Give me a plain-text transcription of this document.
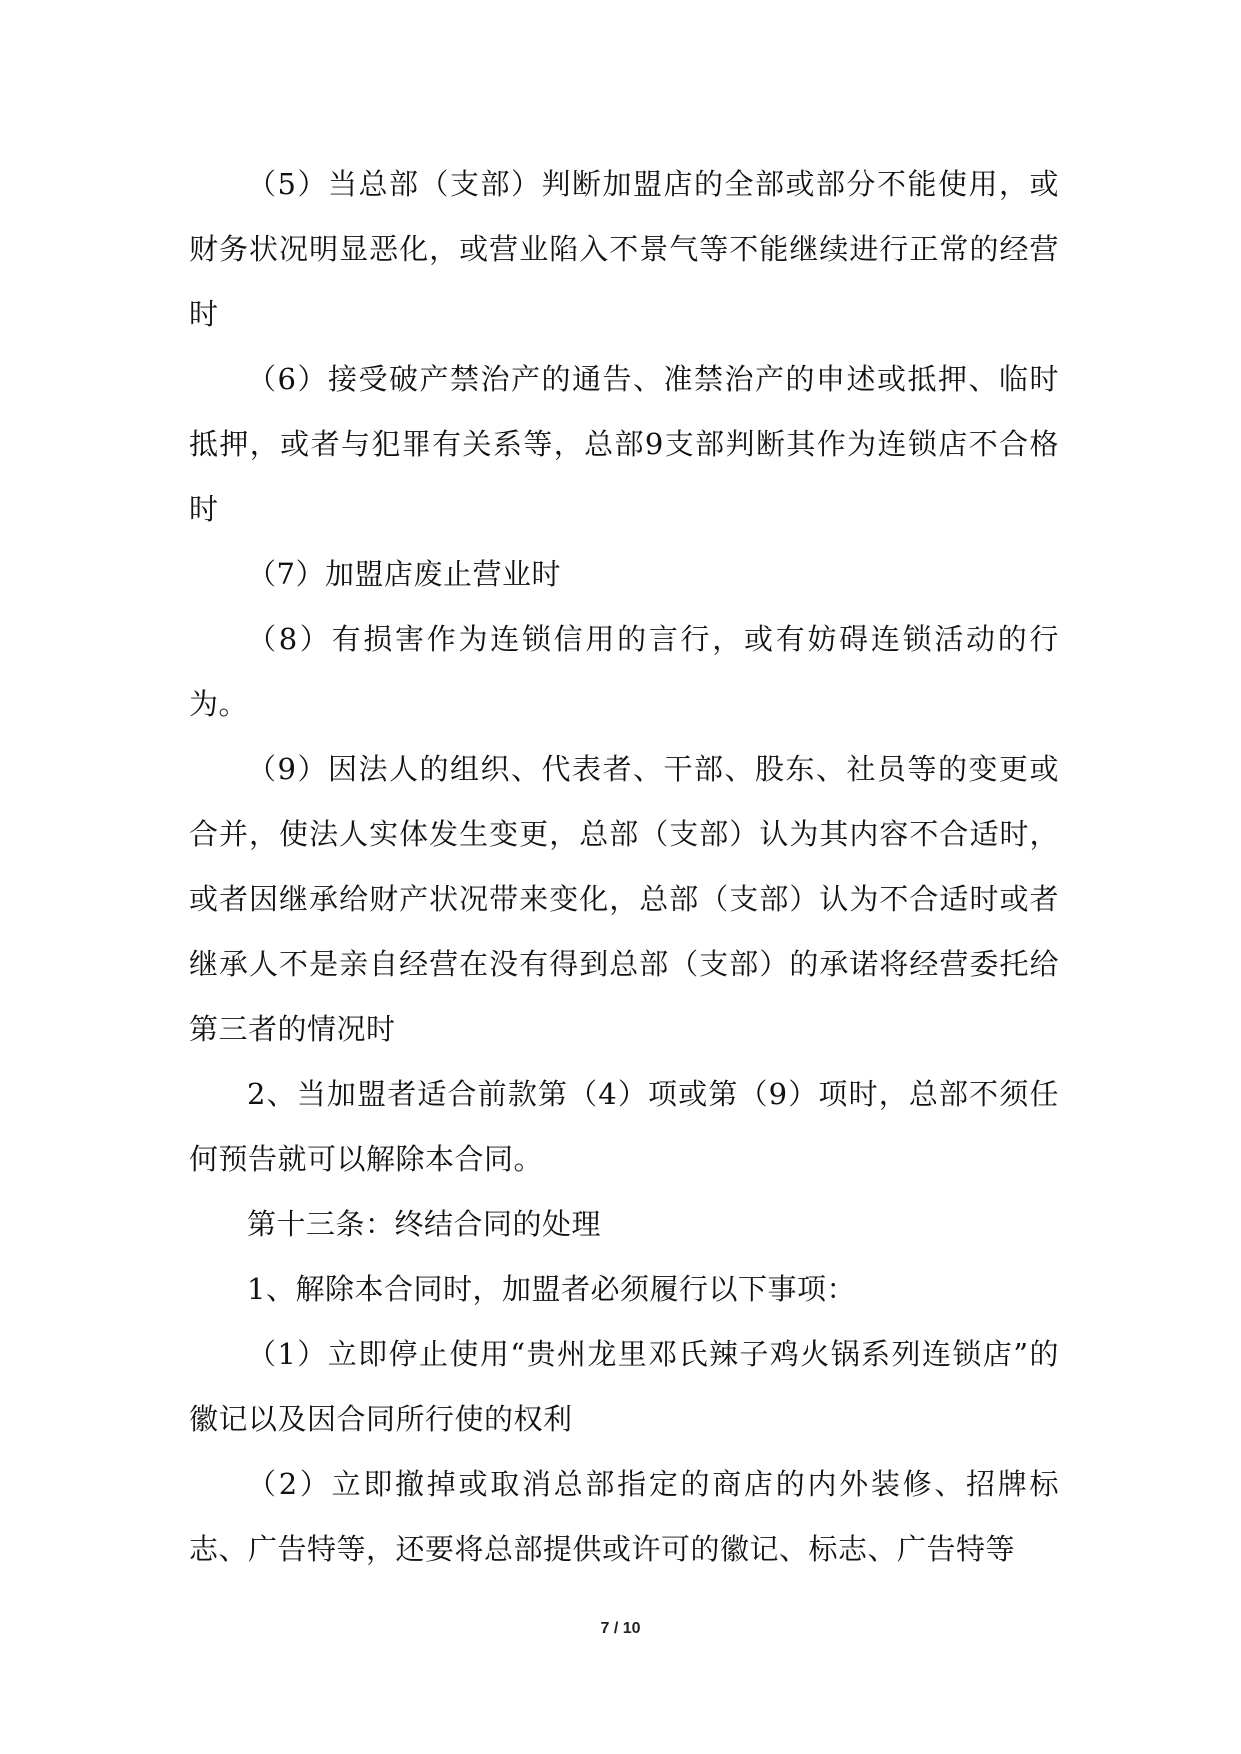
（5）当总部（支部）判断加盟店的全部或部分不能使用，或财务状况明显恶化，或营业陷入不景气等不能继续进行正常的经营时

（6）接受破产禁治产的通告、准禁治产的申述或抵押、临时抵押，或者与犯罪有关系等，总部9支部判断其作为连锁店不合格时

（7）加盟店废止营业时

（8）有损害作为连锁信用的言行，或有妨碍连锁活动的行为。

（9）因法人的组织、代表者、干部、股东、社员等的变更或合并，使法人实体发生变更，总部（支部）认为其内容不合适时，或者因继承给财产状况带来变化，总部（支部）认为不合适时或者继承人不是亲自经营在没有得到总部（支部）的承诺将经营委托给第三者的情况时

2、当加盟者适合前款第（4）项或第（9）项时，总部不须任何预告就可以解除本合同。

第十三条：终结合同的处理

1、解除本合同时，加盟者必须履行以下事项：

（1）立即停止使用“贵州龙里邓氏辣子鸡火锅系列连锁店”的徽记以及因合同所行使的权利

（2）立即撤掉或取消总部指定的商店的内外装修、招牌标志、广告特等，还要将总部提供或许可的徽记、标志、广告特等

7 / 10
